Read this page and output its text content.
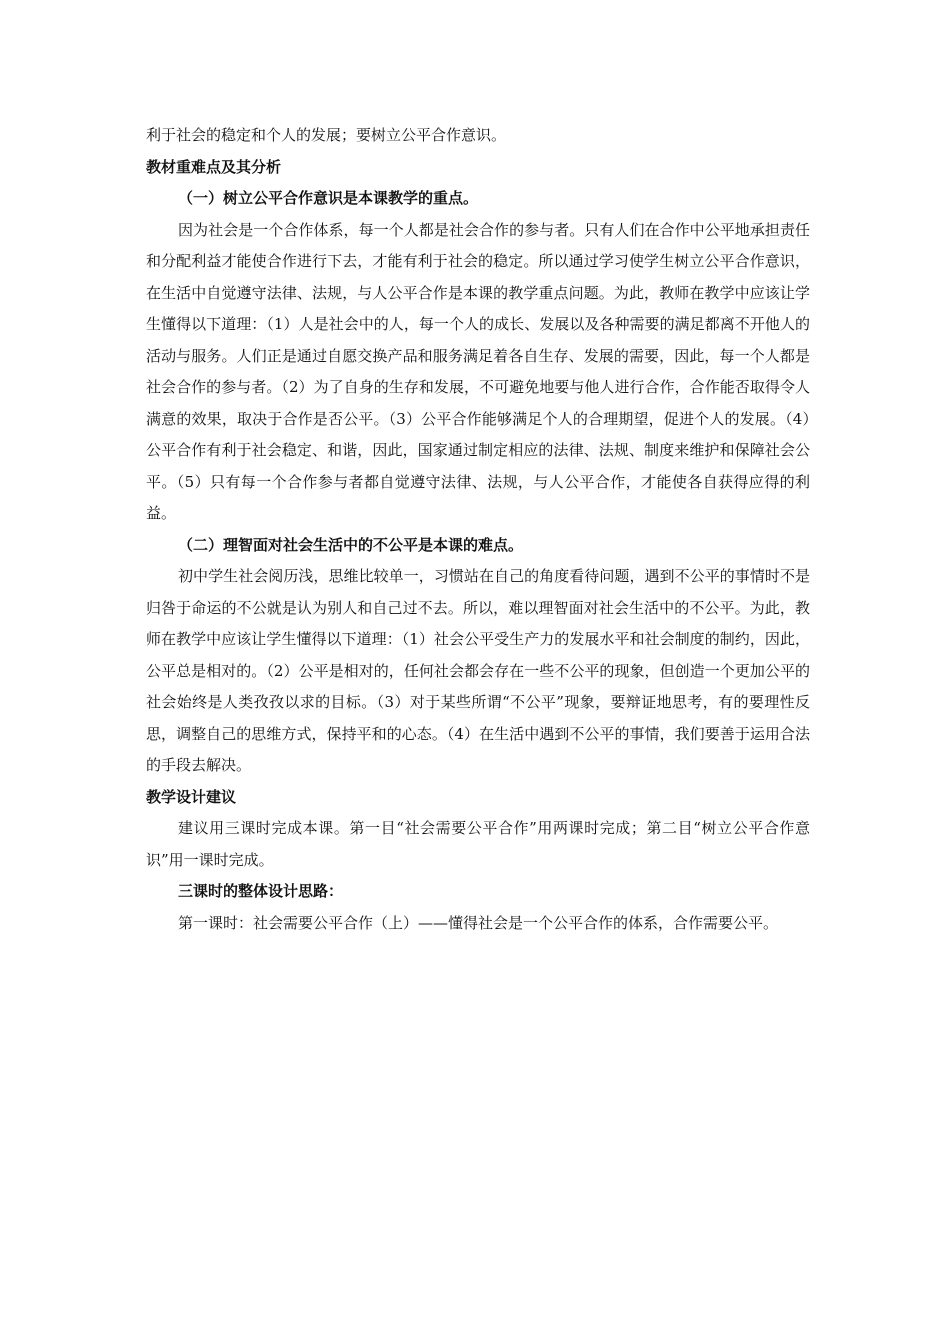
利于社会的稳定和个人的发展；要树立公平合作意识。

教材重难点及其分析

（一）树立公平合作意识是本课教学的重点。

因为社会是一个合作体系，每一个人都是社会合作的参与者。只有人们在合作中公平地承担责任和分配利益才能使合作进行下去，才能有利于社会的稳定。所以通过学习使学生树立公平合作意识，在生活中自觉遵守法律、法规，与人公平合作是本课的教学重点问题。为此，教师在教学中应该让学生懂得以下道理：（1）人是社会中的人，每一个人的成长、发展以及各种需要的满足都离不开他人的活动与服务。人们正是通过自愿交换产品和服务满足着各自生存、发展的需要，因此，每一个人都是社会合作的参与者。（2）为了自身的生存和发展，不可避免地要与他人进行合作，合作能否取得令人满意的效果，取决于合作是否公平。（3）公平合作能够满足个人的合理期望，促进个人的发展。（4）公平合作有利于社会稳定、和谐，因此，国家通过制定相应的法律、法规、制度来维护和保障社会公平。（5）只有每一个合作参与者都自觉遵守法律、法规，与人公平合作，才能使各自获得应得的利益。

（二）理智面对社会生活中的不公平是本课的难点。

初中学生社会阅历浅，思维比较单一，习惯站在自己的角度看待问题，遇到不公平的事情时不是归咎于命运的不公就是认为别人和自己过不去。所以，难以理智面对社会生活中的不公平。为此，教师在教学中应该让学生懂得以下道理：（1）社会公平受生产力的发展水平和社会制度的制约，因此，公平总是相对的。（2）公平是相对的，任何社会都会存在一些不公平的现象，但创造一个更加公平的社会始终是人类孜孜以求的目标。（3）对于某些所谓“不公平”现象，要辩证地思考，有的要理性反思，调整自己的思维方式，保持平和的心态。（4）在生活中遇到不公平的事情，我们要善于运用合法的手段去解决。

教学设计建议

建议用三课时完成本课。第一目“社会需要公平合作”用两课时完成；第二目“树立公平合作意识”用一课时完成。

三课时的整体设计思路：

第一课时：社会需要公平合作（上）——懂得社会是一个公平合作的体系，合作需要公平。
